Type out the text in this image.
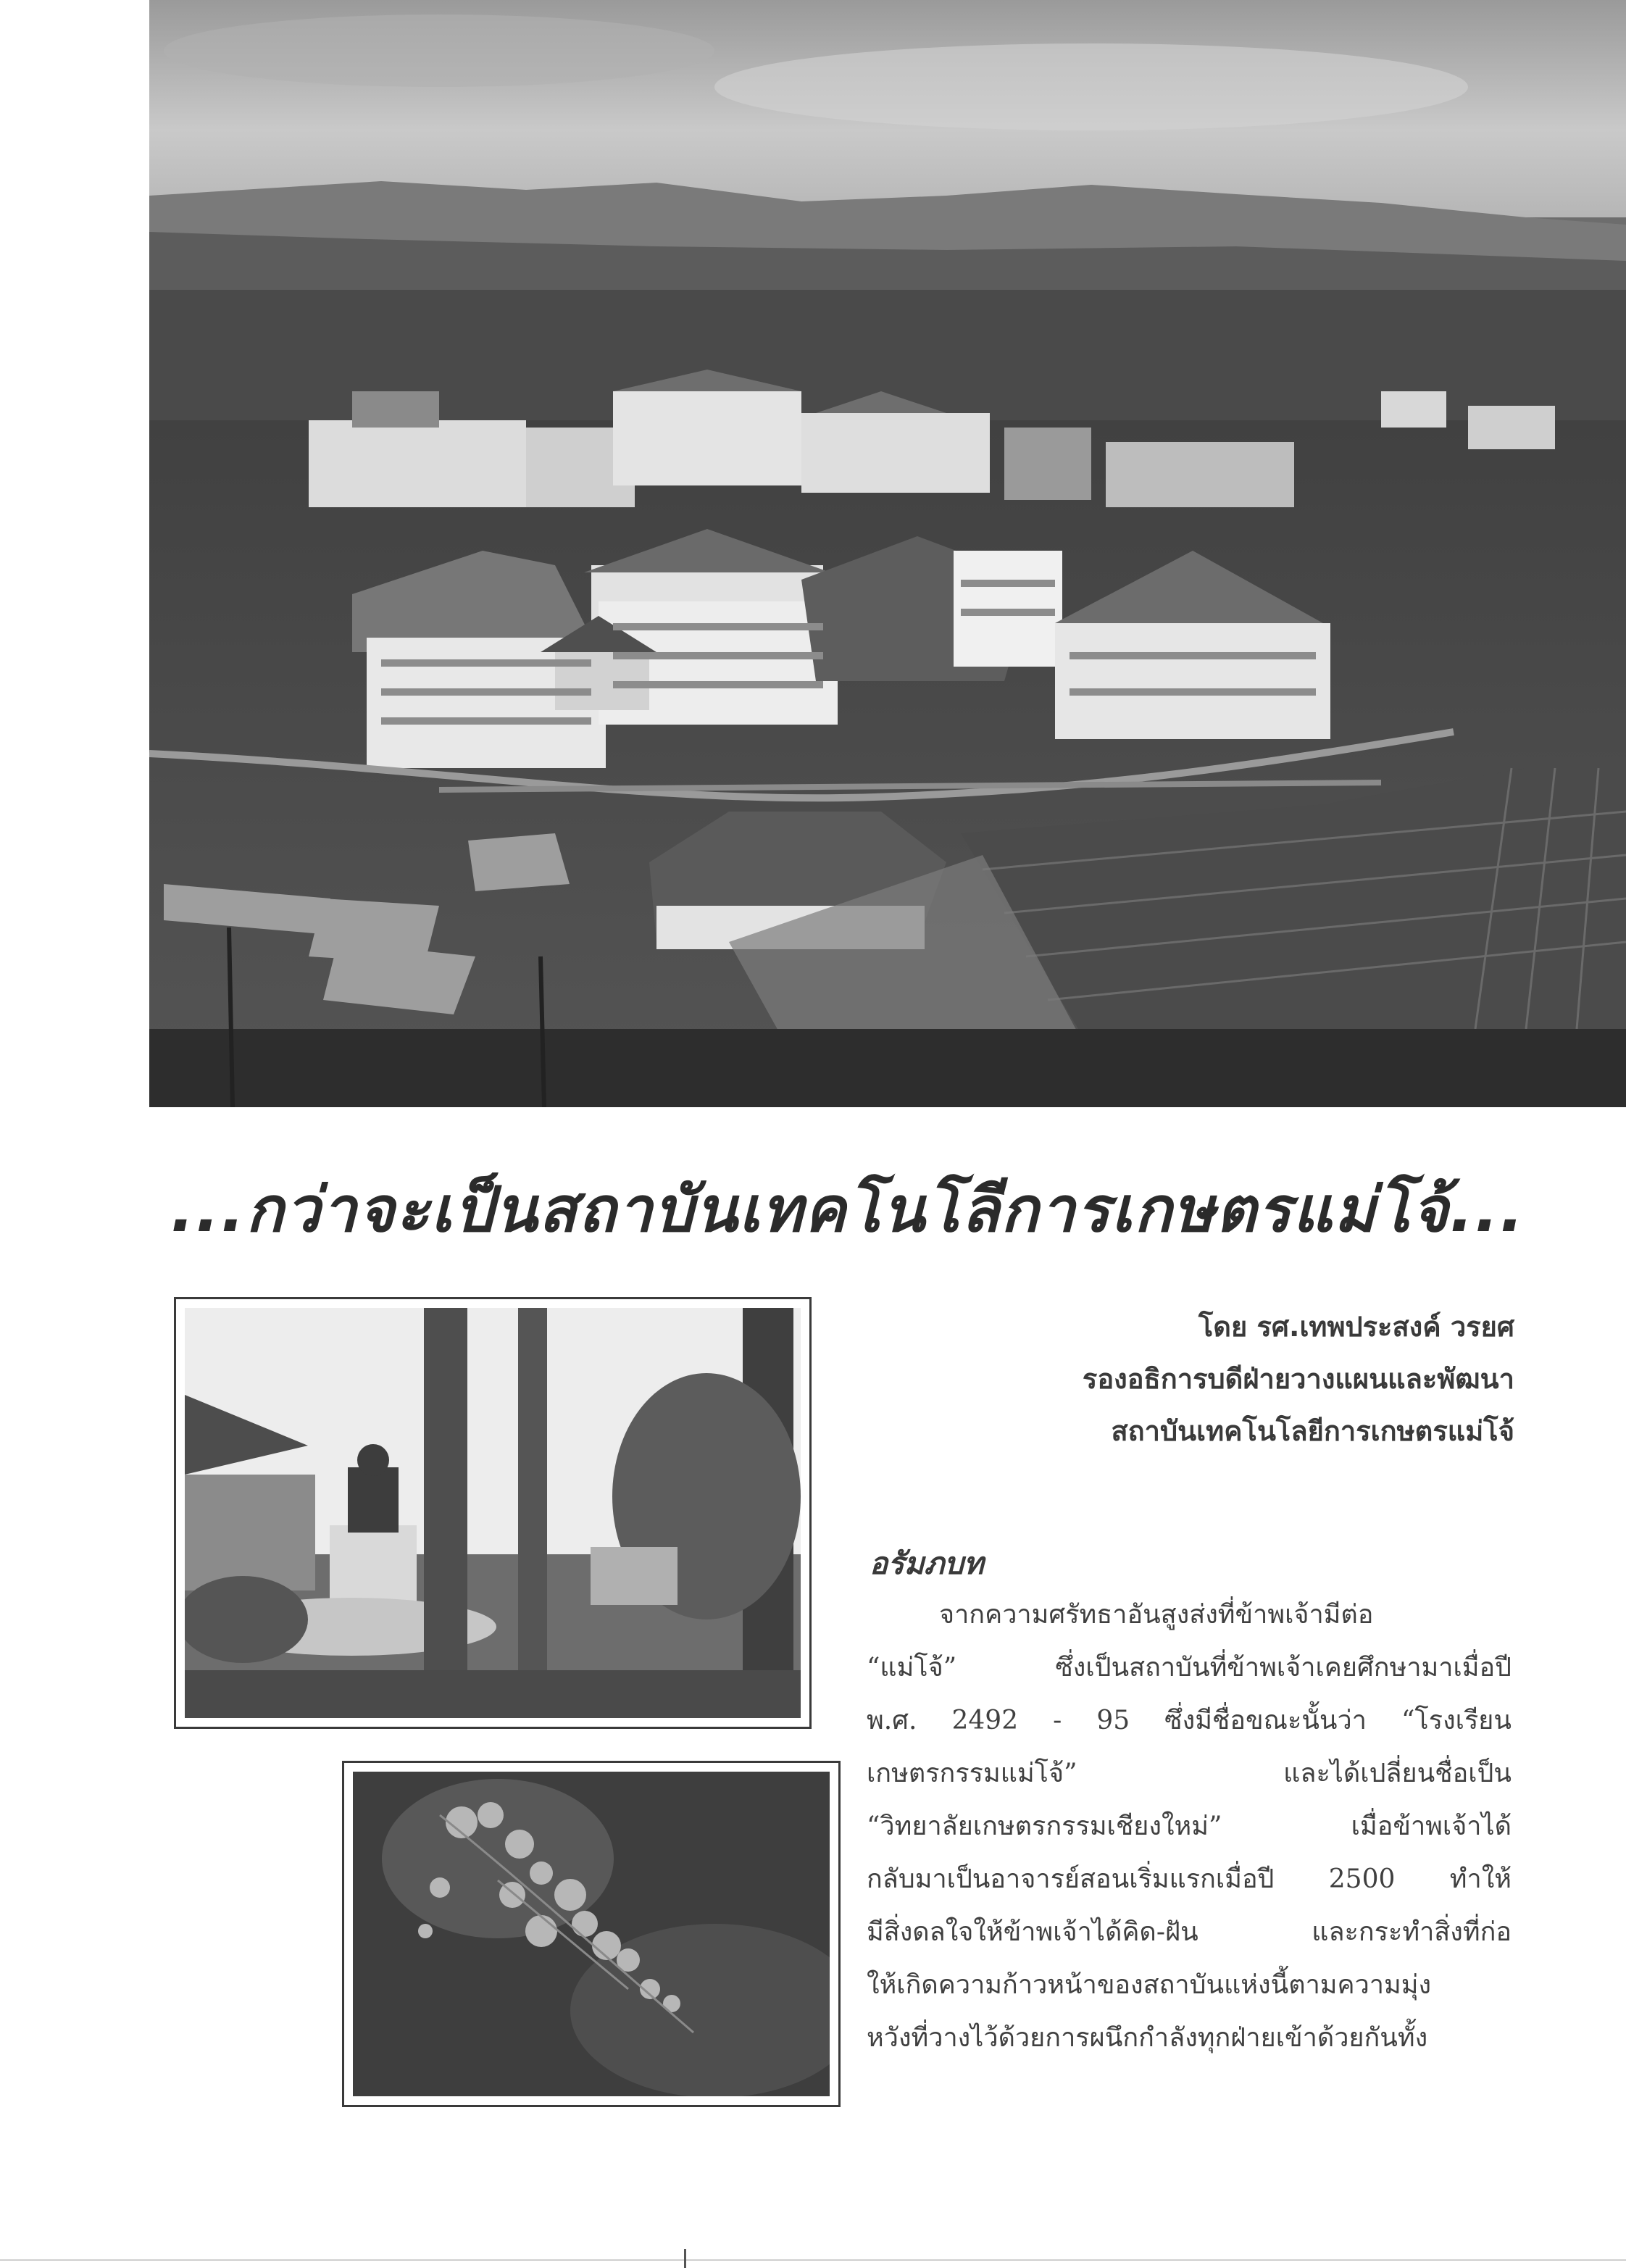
...กว่าจะเป็นสถาบันเทคโนโลีการเกษตรแม่โจ้...
โดย รศ.เทพประสงค์ วรยศ
รองอธิการบดีฝ่ายวางแผนและพัฒนา
สถาบันเทคโนโลยีการเกษตรแม่โจ้
อรัมภบท
จากความศรัทธาอันสูงส่งที่ข้าพเจ้ามีต่อ
“แม่โจ้” ซึ่งเป็นสถาบันที่ข้าพเจ้าเคยศึกษามาเมื่อปี
พ.ศ. 2492 - 95 ซึ่งมีชื่อขณะนั้นว่า “โรงเรียน
เกษตรกรรมแม่โจ้” และได้เปลี่ยนชื่อเป็น
“วิทยาลัยเกษตรกรรมเชียงใหม่” เมื่อข้าพเจ้าได้
กลับมาเป็นอาจารย์สอนเริ่มแรกเมื่อปี 2500 ทำให้
มีสิ่งดลใจให้ข้าพเจ้าได้คิด-ฝัน และกระทำสิ่งที่ก่อ
ให้เกิดความก้าวหน้าของสถาบันแห่งนี้ตามความมุ่ง
หวังที่วางไว้ด้วยการผนึกกำลังทุกฝ่ายเข้าด้วยกันทั้ง
